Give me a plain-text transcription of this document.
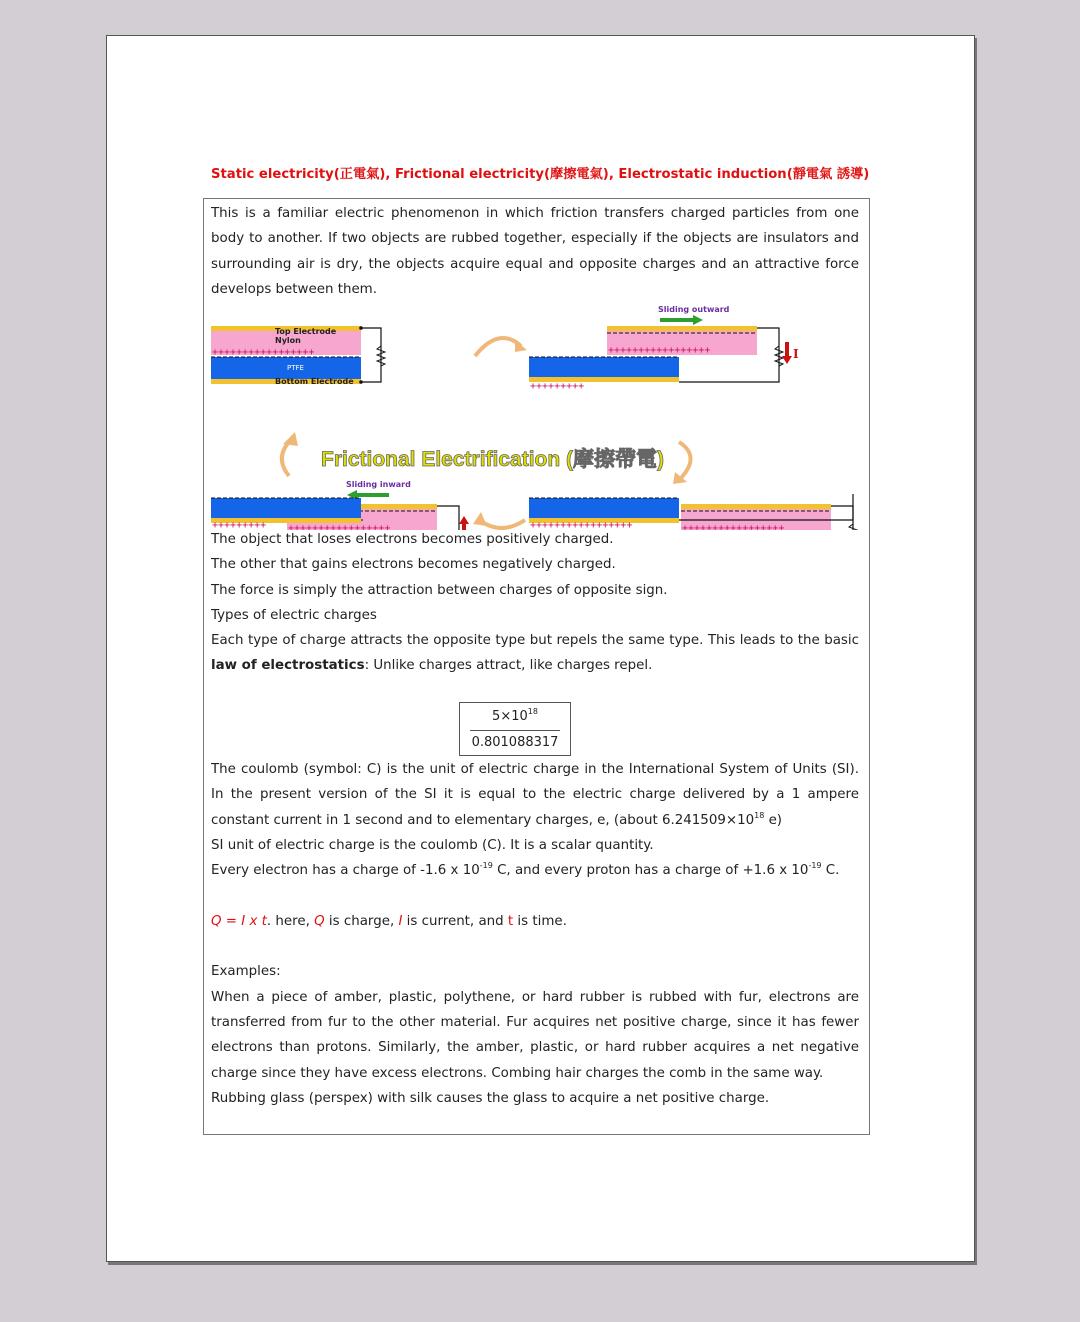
Static electricity(正電氣), Frictional electricity(摩擦電氣), Electrostatic induction(靜電氣 誘導)
This is a familiar electric phenomenon in which friction transfers charged particles from one body to another. If two objects are rubbed together, especially if the objects are insulators and surrounding air is dry, the objects acquire equal and opposite charges and an attractive force develops between them.
+++++++++++++++++
Top Electrode
Nylon
PTFE
Bottom Electrode
Sliding outward
+++++++++++++++++
+++++++++
I
Frictional Electrification (摩擦帶電)
Sliding inward
+++++++++++++++++	+++++++++++++++++
+++++++++	+++++++++++++++++
The object that loses electrons becomes positively charged.
The other that gains electrons becomes negatively charged.
The force is simply the attraction between charges of opposite sign.
Types of electric charges
Each type of charge attracts the opposite type but repels the same type. This leads to the basic law of electrostatics: Unlike charges attract, like charges repel.
$5\times 10^{18}$
0.801088317
The coulomb (symbol: C) is the unit of electric charge in the International System of Units (SI). In the present version of the SI it is equal to the electric charge delivered by a 1 ampere constant current in 1 second and to elementary charges, e, (about $6.241509\times 10^{18}$ e)
SI unit of electric charge is the coulomb (C). It is a scalar quantity.
Every electron has a charge of -1.6 x $10^{-19}$ C, and every proton has a charge of +1.6 x $10^{-19}$ C.
Q = I x t. here, Q is charge, I is current, and t is time.
Examples:
When a piece of amber, plastic, polythene, or hard rubber is rubbed with fur, electrons are transferred from fur to the other material. Fur acquires net positive charge, since it has fewer electrons than protons. Similarly, the amber, plastic, or hard rubber acquires a net negative charge since they have excess electrons. Combing hair charges the comb in the same way.
Rubbing glass (perspex) with silk causes the glass to acquire a net positive charge.
